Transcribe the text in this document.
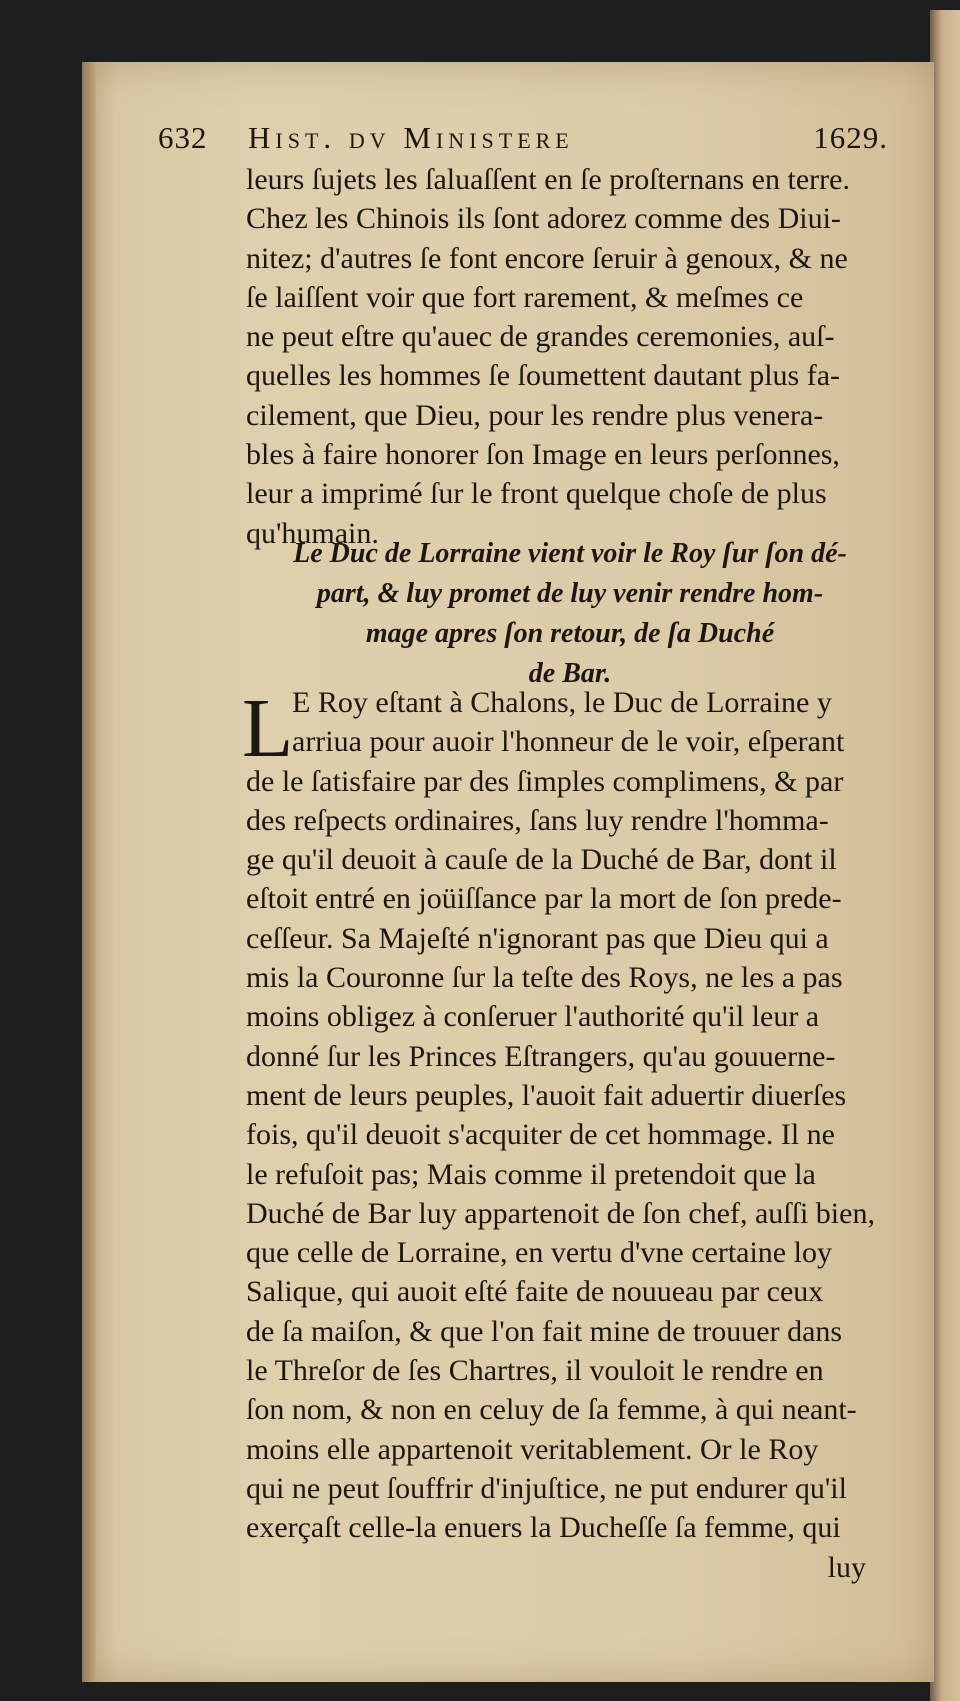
632 Hist. dv Ministere	1629.
leurs ſujets les ſaluaſſent en ſe proſternans en terre.
Chez les Chinois ils ſont adorez comme des Diui-
nitez; d'autres ſe font encore ſeruir à genoux, & ne
ſe laiſſent voir que fort rarement, & meſmes ce
ne peut eſtre qu'auec de grandes ceremonies, auſ-
quelles les hommes ſe ſoumettent dautant plus fa-
cilement, que Dieu, pour les rendre plus venera-
bles à faire honorer ſon Image en leurs perſonnes,
leur a imprimé ſur le front quelque choſe de plus
qu'humain.
Le Duc de Lorraine vient voir le Roy ſur ſon dé-
part, & luy promet de luy venir rendre hom-
mage apres ſon retour, de ſa Duché
de Bar.
L
E Roy eſtant à Chalons, le Duc de Lorraine y
arriua pour auoir l'honneur de le voir, eſperant
de le ſatisfaire par des ſimples complimens, & par
des reſpects ordinaires, ſans luy rendre l'homma-
ge qu'il deuoit à cauſe de la Duché de Bar, dont il
eſtoit entré en joüiſſance par la mort de ſon prede-
ceſſeur. Sa Majeſté n'ignorant pas que Dieu qui a
mis la Couronne ſur la teſte des Roys, ne les a pas
moins obligez à conſeruer l'authorité qu'il leur a
donné ſur les Princes Eſtrangers, qu'au gouuerne-
ment de leurs peuples, l'auoit fait aduertir diuerſes
fois, qu'il deuoit s'acquiter de cet hommage. Il ne
le refuſoit pas; Mais comme il pretendoit que la
Duché de Bar luy appartenoit de ſon chef, auſſi bien,
que celle de Lorraine, en vertu d'vne certaine loy
Salique, qui auoit eſté faite de nouueau par ceux
de ſa maiſon, & que l'on fait mine de trouuer dans
le Threſor de ſes Chartres, il vouloit le rendre en
ſon nom, & non en celuy de ſa femme, à qui neant-
moins elle appartenoit veritablement. Or le Roy
qui ne peut ſouffrir d'injuſtice, ne put endurer qu'il
exerçaſt celle-la enuers la Ducheſſe ſa femme, qui
luy
